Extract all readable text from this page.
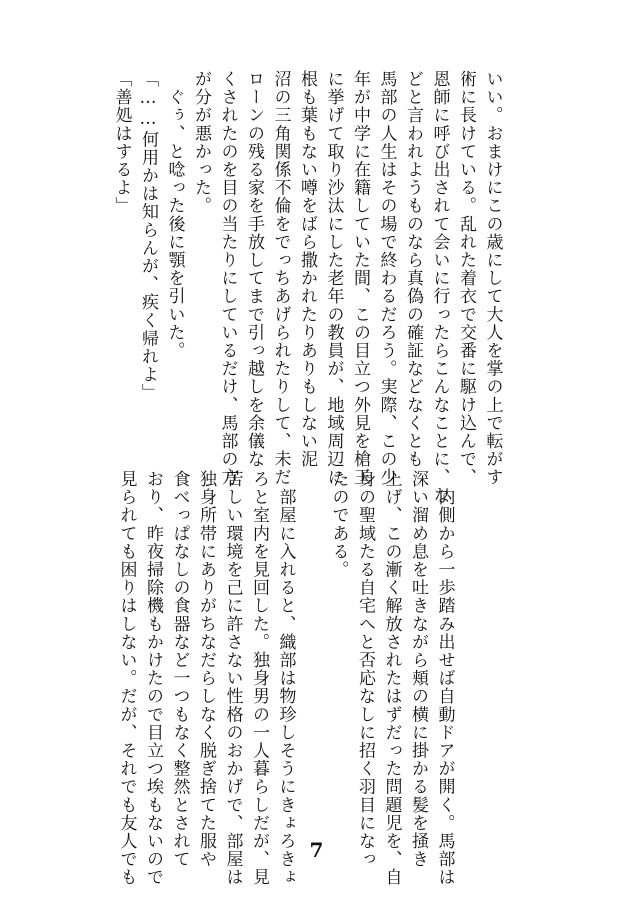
いい。おまけにこの歳にして大人を掌の上で転がす
術に長けている。乱れた着衣で交番に駆け込んで、
恩師に呼び出されて会いに行ったらこんなことに、な
どと言われようものなら真偽の確証などなくとも
馬部の人生はその場で終わるだろう。実際、この少
年が中学に在籍していた間、この目立つ外見を槍玉
に挙げて取り沙汰にした老年の教員が、地域周辺に
根も葉もない噂をばら撒かれたりありもしない泥
沼の三角関係不倫をでっちあげられたりして、未だ
ローンの残る家を手放してまで引っ越しを余儀な
くされたのを目の当たりにしているだけ、馬部の方
が分が悪かった。
　ぐぅ、と唸った後に顎を引いた。
「……何用かは知らんが、疾く帰れよ」
「善処はするよ」
　内側から一歩踏み出せば自動ドアが開く。馬部は
深い溜め息を吐きながら頬の横に掛かる髪を掻き
上げ、この漸く解放されたはずだった問題児を、自
身の聖域たる自宅へと否応なしに招く羽目になっ
たのである。
　部屋に入れると、織部は物珍しそうにきょろきょ
ろと室内を見回した。独身男の一人暮らしだが、見
苦しい環境を己に許さない性格のおかげで、部屋は
独身所帯にありがちなだらしなく脱ぎ捨てた服や
食べっぱなしの食器など一つもなく整然とされて
おり、昨夜掃除機もかけたので目立つ埃もないので
見られても困りはしない。だが、それでも友人でも	7
